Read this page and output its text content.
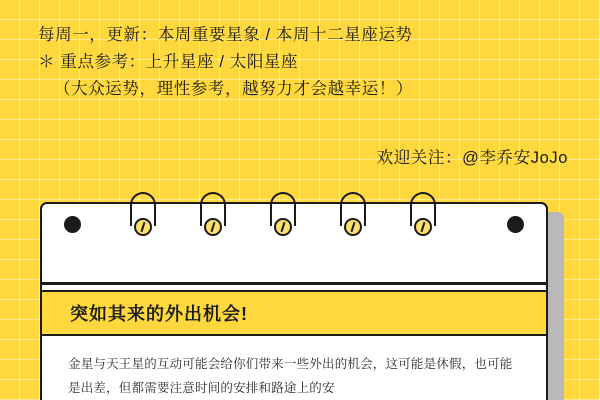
每周一，更新：本周重要星象 / 本周十二星座运势
＊ 重点参考：上升星座 / 太阳星座
（大众运势，理性参考，越努力才会越幸运！）
欢迎关注：@李乔安JoJo
突如其来的外出机会!
金星与天王星的互动可能会给你们带来一些外出的机会，这可能是休假，也可能是出差，但都需要注意时间的安排和路途上的安
